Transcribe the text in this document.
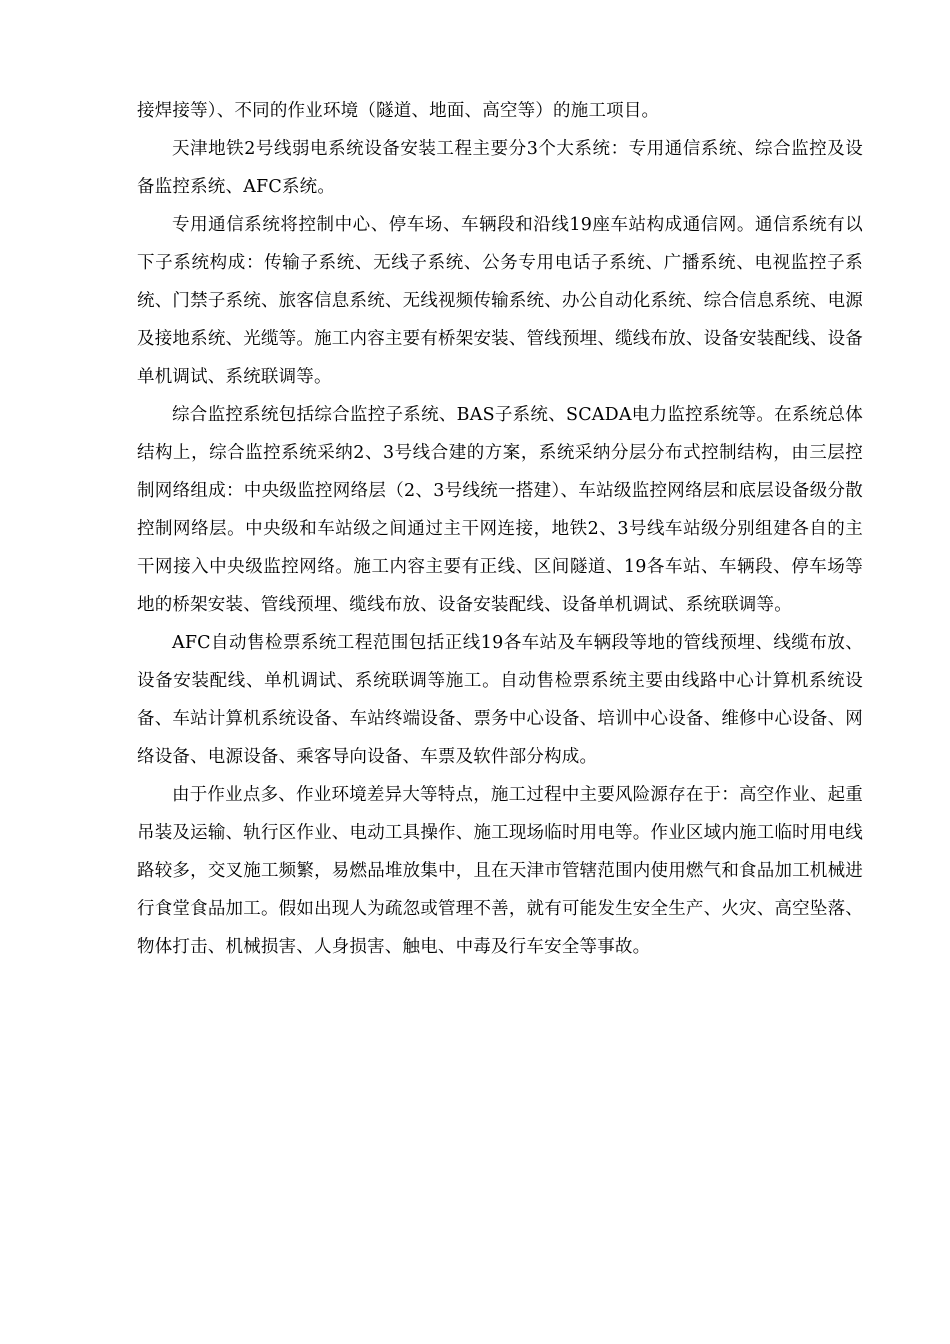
接焊接等）、不同的作业环境（隧道、地面、高空等）的施工项目。

天津地铁2号线弱电系统设备安装工程主要分3个大系统：专用通信系统、综合监控及设备监控系统、AFC系统。

专用通信系统将控制中心、停车场、车辆段和沿线19座车站构成通信网。通信系统有以下子系统构成：传输子系统、无线子系统、公务专用电话子系统、广播系统、电视监控子系统、门禁子系统、旅客信息系统、无线视频传输系统、办公自动化系统、综合信息系统、电源及接地系统、光缆等。施工内容主要有桥架安装、管线预埋、缆线布放、设备安装配线、设备单机调试、系统联调等。

综合监控系统包括综合监控子系统、BAS子系统、SCADA电力监控系统等。在系统总体结构上，综合监控系统采纳2、3号线合建的方案，系统采纳分层分布式控制结构，由三层控制网络组成：中央级监控网络层（2、3号线统一搭建）、车站级监控网络层和底层设备级分散控制网络层。中央级和车站级之间通过主干网连接，地铁2、3号线车站级分别组建各自的主干网接入中央级监控网络。施工内容主要有正线、区间隧道、19各车站、车辆段、停车场等地的桥架安装、管线预埋、缆线布放、设备安装配线、设备单机调试、系统联调等。

AFC自动售检票系统工程范围包括正线19各车站及车辆段等地的管线预埋、线缆布放、设备安装配线、单机调试、系统联调等施工。自动售检票系统主要由线路中心计算机系统设备、车站计算机系统设备、车站终端设备、票务中心设备、培训中心设备、维修中心设备、网络设备、电源设备、乘客导向设备、车票及软件部分构成。

由于作业点多、作业环境差异大等特点，施工过程中主要风险源存在于：高空作业、起重吊装及运输、轨行区作业、电动工具操作、施工现场临时用电等。作业区域内施工临时用电线路较多，交叉施工频繁，易燃品堆放集中，且在天津市管辖范围内使用燃气和食品加工机械进行食堂食品加工。假如出现人为疏忽或管理不善，就有可能发生安全生产、火灾、高空坠落、物体打击、机械损害、人身损害、触电、中毒及行车安全等事故。
